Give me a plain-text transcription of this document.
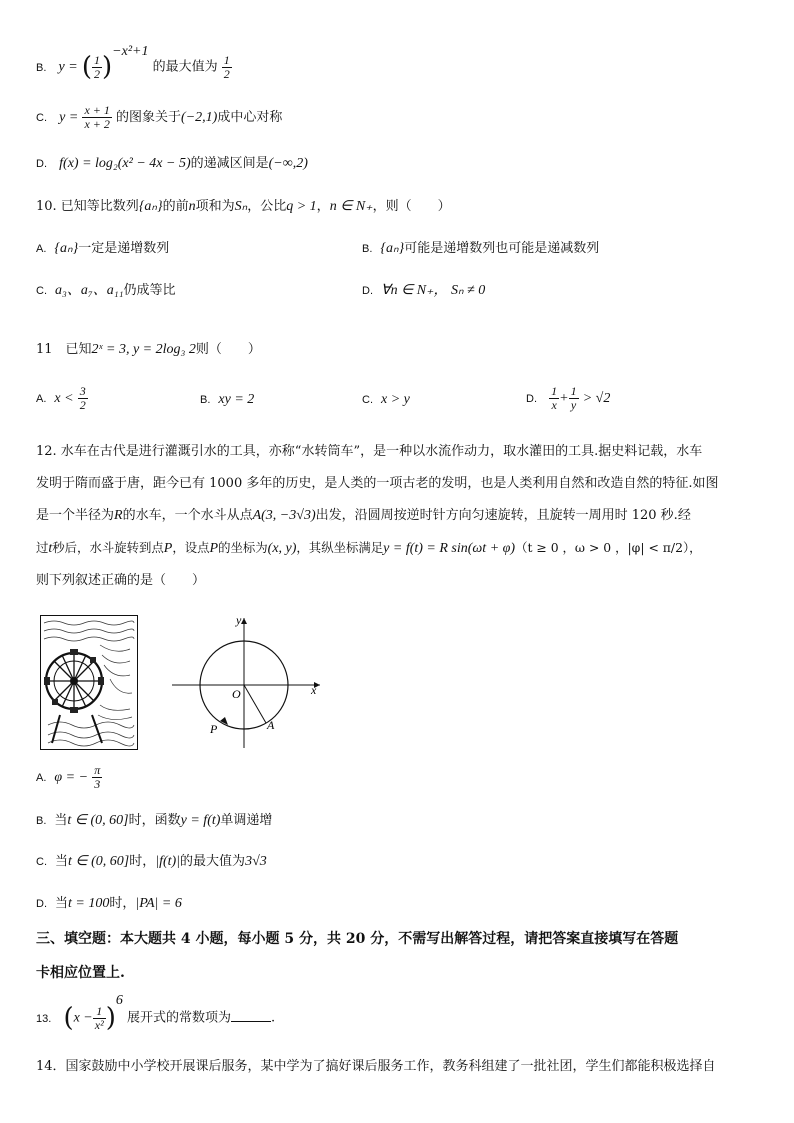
B. y = ( $\frac{1}{2} )^{-x^2+1}$ 的最大值为 $\frac{1}{2}$
C. $y = \frac{x + 1}{x + 2}$ 的图象关于(−2,1)成中心对称
D. f(x) = log₂(x² − 4x − 5)的递减区间是(−∞,2)
10. 已知等比数列{aₙ}的前n项和为Sₙ，公比q > 1，n ∈ N₊，则（　　）
A. {aₙ}一定是递增数列	B. {aₙ}可能是递增数列也可能是递减数列
C. a₃、a₇、a₁₁仍成等比	D. ∀n ∈ N₊， Sₙ ≠ 0
11　已知2ˣ = 3, y = 2log₃ 2则（　　）
A. $x < \frac{3}{2}$	B. xy = 2	C. x > y	D. $\frac{1}{x} + \frac{1}{y} > √2$
12. 水车在古代是进行灌溉引水的工具，亦称“水转筒车”，是一种以水流作动力，取水灌田的工具.据史料记载，水车
发明于隋而盛于唐，距今已有 1000 多年的历史，是人类的一项古老的发明，也是人类利用自然和改造自然的特征.如图
是一个半径为R的水车，一个水斗从点A(3, −3√3)出发，沿圆周按逆时针方向匀速旋转，且旋转一周用时 120 秒.经
过t秒后，水斗旋转到点P，设点P的坐标为(x, y)，其纵坐标满足y = f(t) = R sin(ωt + φ)（t ≥ 0 ，ω > 0 ，|φ| < π/2），
则下列叙述正确的是（　　）
y
x
O
P	A
A. φ = − $\frac{\pi}{3}$
B. 当t ∈ (0, 60]时，函数y = f(t)单调递增
C. 当t ∈ (0, 60]时，|f(t)|的最大值为3√3
D. 当t = 100时，|PA| = 6
三、填空题：本大题共 4 小题，每小题 5 分，共 20 分，不需写出解答过程，请把答案直接填写在答题
卡相应位置上.
13. $(x - \frac{1}{\text{x²}} )^6$ 展开式的常数项为	.
14．国家鼓励中小学校开展课后服务，某中学为了搞好课后服务工作，教务科组建了一批社团，学生们都能积极选择自
